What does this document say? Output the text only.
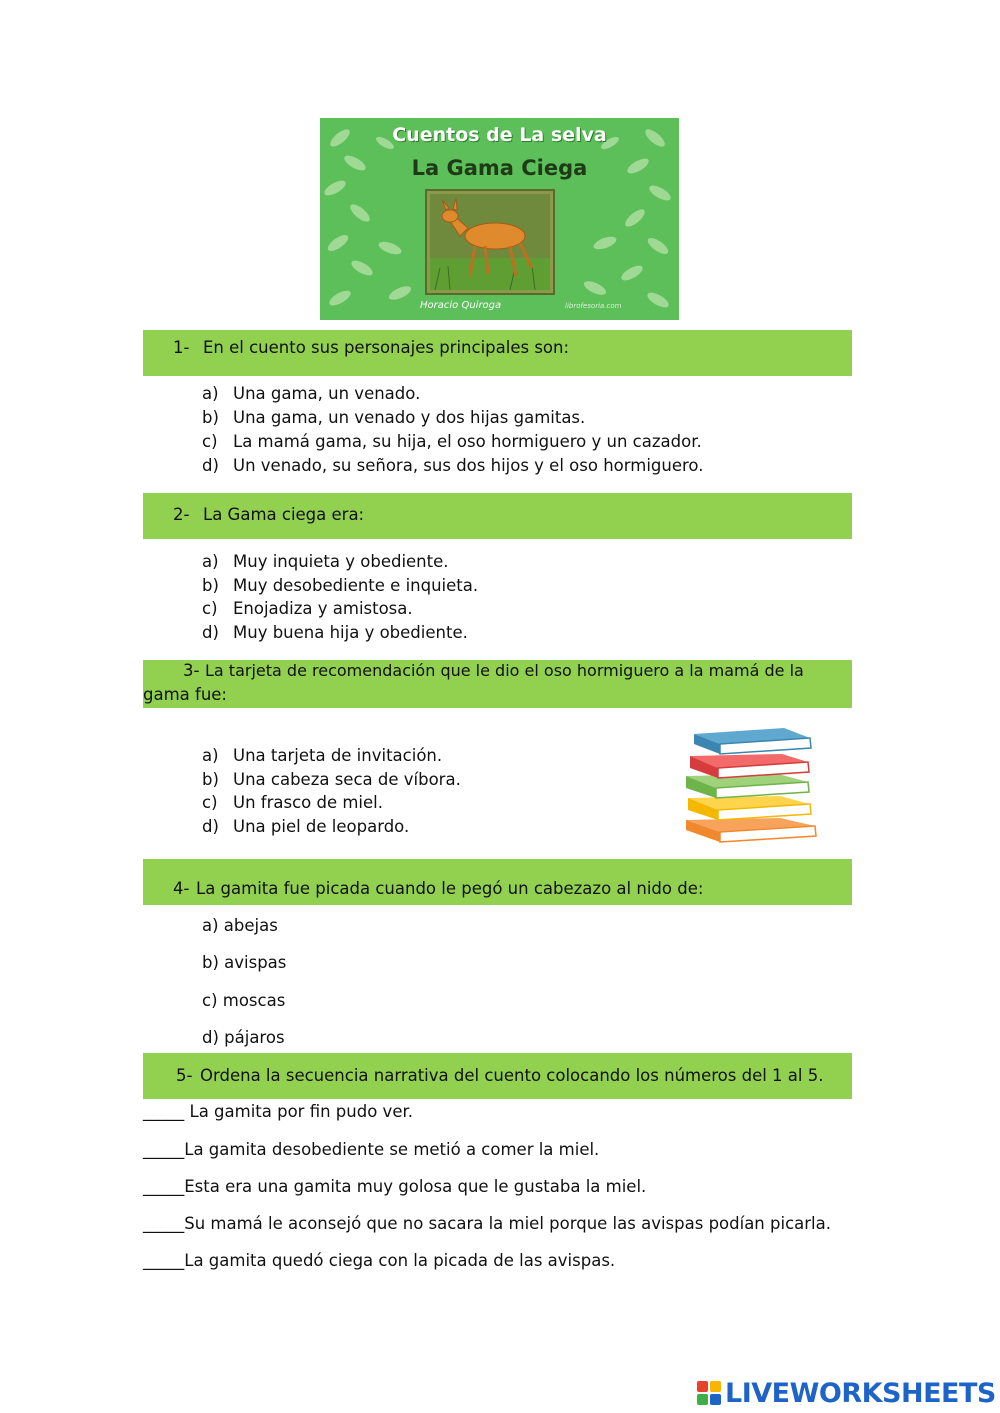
Cuentos de La selva
La Gama Ciega
Horacio Quiroga	librofesoria.com
1- En el cuento sus personajes principales son:
a) Una gama, un venado.
b) Una gama, un venado y dos hijas gamitas.
c) La mamá gama, su hija, el oso hormiguero y un cazador.
d) Un venado, su señora, sus dos hijos y el oso hormiguero.
2- La Gama ciega era:
a) Muy inquieta y obediente.
b) Muy desobediente e inquieta.
c) Enojadiza y amistosa.
d) Muy buena hija y obediente.
3- La tarjeta de recomendación que le dio el oso hormiguero a la mamá de la
gama fue:
a) Una tarjeta de invitación.
b) Una cabeza seca de víbora.
c) Un frasco de miel.
d) Una piel de leopardo.
4- La gamita fue picada cuando le pegó un cabezazo al nido de:
a) abejas
b) avispas
c) moscas
d) pájaros
5- Ordena la secuencia narrativa del cuento colocando los números del 1 al 5.
_____ La gamita por fin pudo ver.
_____La gamita desobediente se metió a comer la miel.
_____Esta era una gamita muy golosa que le gustaba la miel.
_____Su mamá le aconsejó que no sacara la miel porque las avispas podían picarla.
_____La gamita quedó ciega con la picada de las avispas.
LIVEWORKSHEETS
